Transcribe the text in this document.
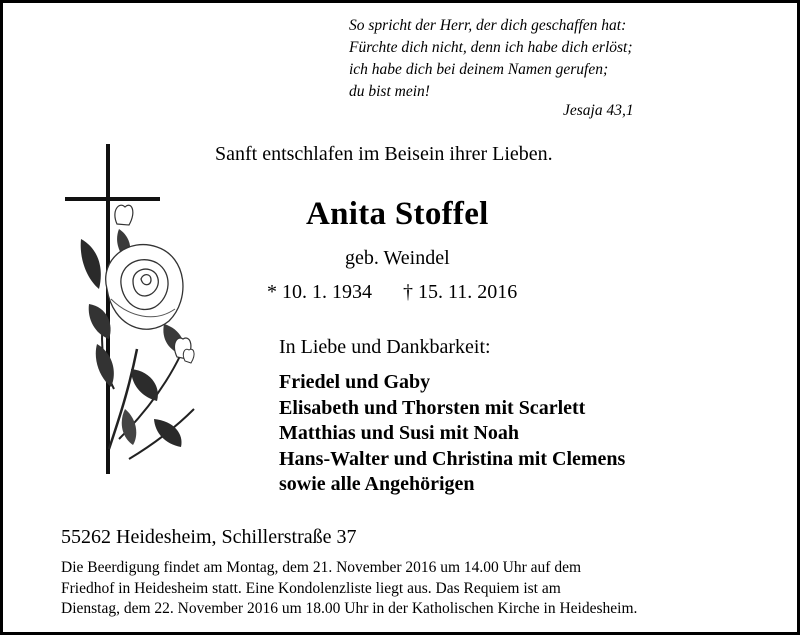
So spricht der Herr, der dich geschaffen hat:
Fürchte dich nicht, denn ich habe dich erlöst;
ich habe dich bei deinem Namen gerufen;
du bist mein!
Jesaja 43,1
Sanft entschlafen im Beisein ihrer Lieben.
Anita Stoffel
geb. Weindel
* 10. 1. 1934 † 15. 11. 2016
In Liebe und Dankbarkeit:
Friedel und Gaby
Elisabeth und Thorsten mit Scarlett
Matthias und Susi mit Noah
Hans-Walter und Christina mit Clemens
sowie alle Angehörigen
55262 Heidesheim, Schillerstraße 37
Die Beerdigung findet am Montag, dem 21. November 2016 um 14.00 Uhr auf dem
Friedhof in Heidesheim statt. Eine Kondolenzliste liegt aus. Das Requiem ist am
Dienstag, dem 22. November 2016 um 18.00 Uhr in der Katholischen Kirche in Heidesheim.
